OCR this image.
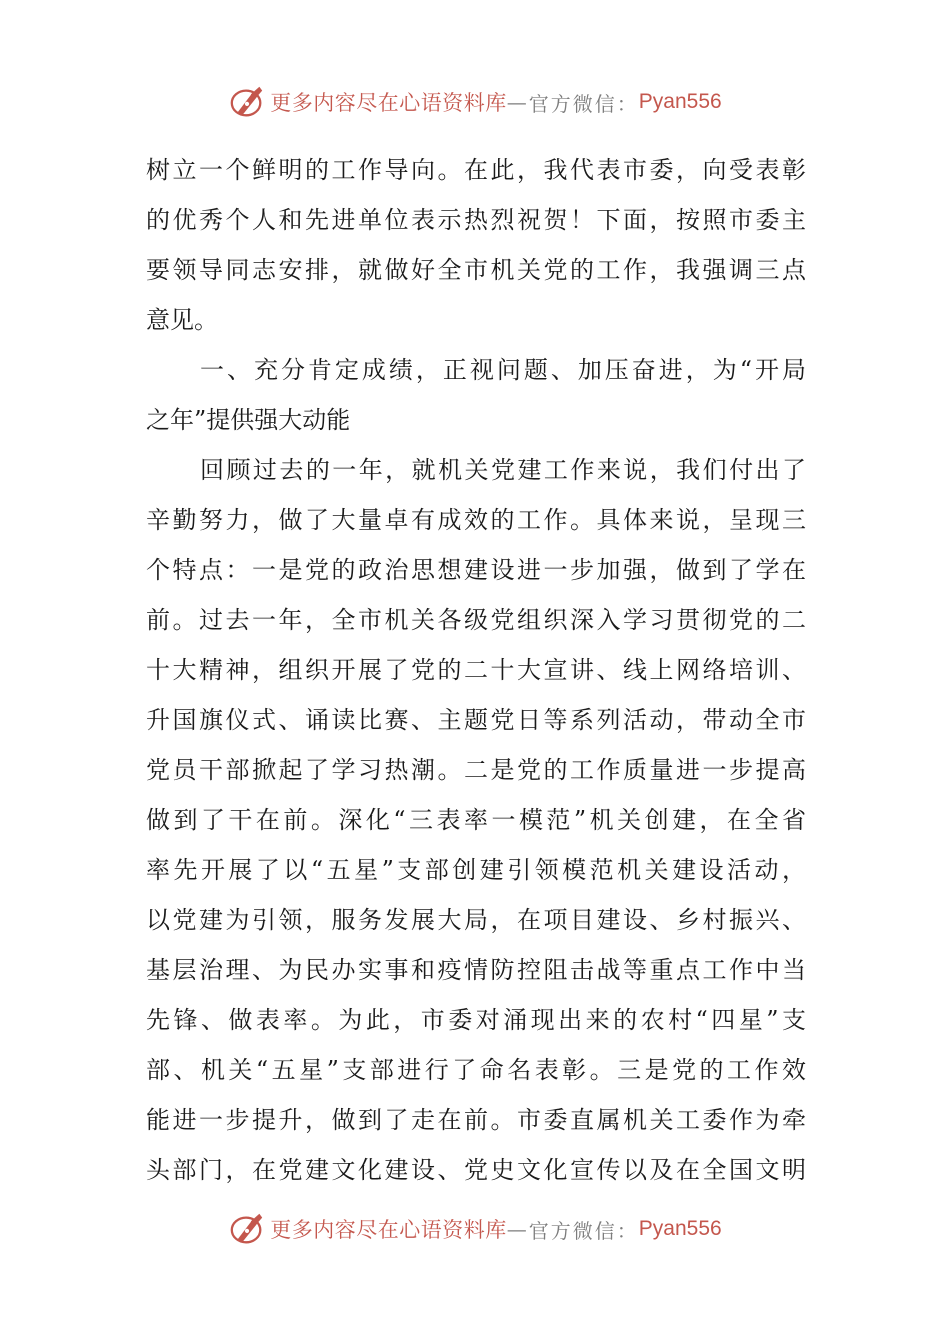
更多内容尽在心语资料库 — 官方微信： Pyan556
树立一个鲜明的工作导向。在此，我代表市委，向受表彰
的优秀个人和先进单位表示热烈祝贺！下面，按照市委主
要领导同志安排，就做好全市机关党的工作，我强调三点
意见。
一、充分肯定成绩，正视问题、加压奋进，为“开局
之年”提供强大动能
回顾过去的一年，就机关党建工作来说，我们付出了
辛勤努力，做了大量卓有成效的工作。具体来说，呈现三
个特点：一是党的政治思想建设进一步加强，做到了学在
前。过去一年，全市机关各级党组织深入学习贯彻党的二
十大精神，组织开展了党的二十大宣讲、线上网络培训、
升国旗仪式、诵读比赛、主题党日等系列活动，带动全市
党员干部掀起了学习热潮。二是党的工作质量进一步提高
做到了干在前。深化“三表率一模范”机关创建，在全省
率先开展了以“五星”支部创建引领模范机关建设活动，
以党建为引领，服务发展大局，在项目建设、乡村振兴、
基层治理、为民办实事和疫情防控阻击战等重点工作中当
先锋、做表率。为此，市委对涌现出来的农村“四星”支
部、机关“五星”支部进行了命名表彰。三是党的工作效
能进一步提升，做到了走在前。市委直属机关工委作为牵
头部门，在党建文化建设、党史文化宣传以及在全国文明
更多内容尽在心语资料库 — 官方微信： Pyan556
